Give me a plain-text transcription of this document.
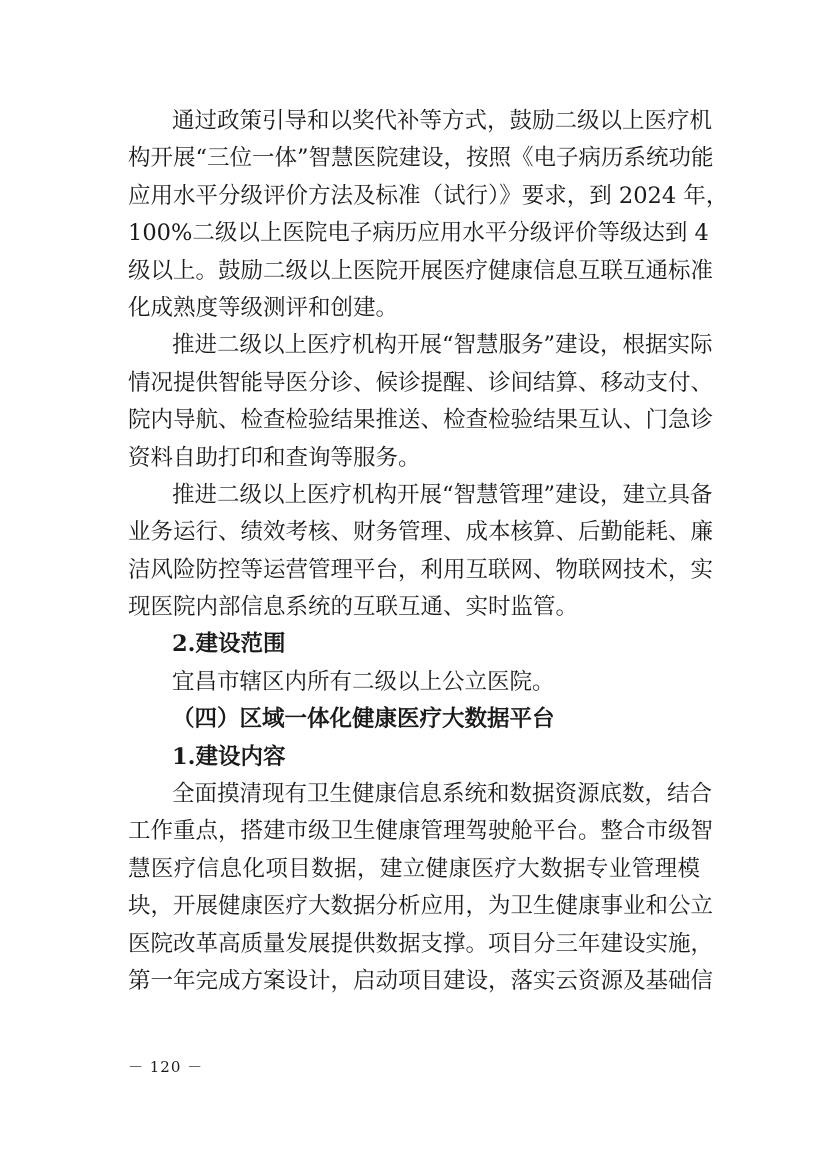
通过政策引导和以奖代补等方式，鼓励二级以上医疗机
构开展“三位一体”智慧医院建设，按照《电子病历系统功能
应用水平分级评价方法及标准（试行）》要求，到 2024 年，
100%二级以上医院电子病历应用水平分级评价等级达到 4
级以上。鼓励二级以上医院开展医疗健康信息互联互通标准
化成熟度等级测评和创建。
推进二级以上医疗机构开展“智慧服务”建设，根据实际
情况提供智能导医分诊、候诊提醒、诊间结算、移动支付、
院内导航、检查检验结果推送、检查检验结果互认、门急诊
资料自助打印和查询等服务。
推进二级以上医疗机构开展“智慧管理”建设，建立具备
业务运行、绩效考核、财务管理、成本核算、后勤能耗、廉
洁风险防控等运营管理平台，利用互联网、物联网技术，实
现医院内部信息系统的互联互通、实时监管。
2.建设范围
宜昌市辖区内所有二级以上公立医院。
（四）区域一体化健康医疗大数据平台
1.建设内容
全面摸清现有卫生健康信息系统和数据资源底数，结合
工作重点，搭建市级卫生健康管理驾驶舱平台。整合市级智
慧医疗信息化项目数据，建立健康医疗大数据专业管理模
块，开展健康医疗大数据分析应用，为卫生健康事业和公立
医院改革高质量发展提供数据支撑。项目分三年建设实施，
第一年完成方案设计，启动项目建设，落实云资源及基础信
－ 120 －
